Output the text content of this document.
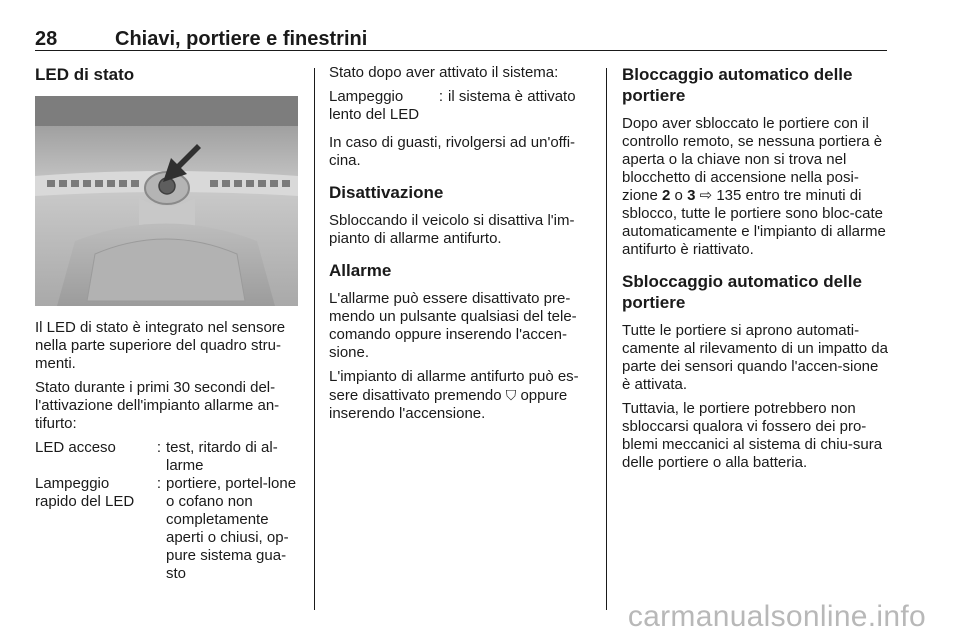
28	Chiavi, portiere e finestrini
LED di stato

Il LED di stato è integrato nel sensore nella parte superiore del quadro stru-menti.

Stato durante i primi 30 secondi del-l'attivazione dell'impianto allarme an-tifurto:

LED acceso	: test, ritardo di al-larme
Lampeggio rapido del LED
: portiere, portel-lone o cofano non completamente aperti o chiusi, op-pure sistema gua-sto

Stato dopo aver attivato il sistema:

Lampeggio lento del LED
: il sistema è attivato

In caso di guasti, rivolgersi ad un'offi-cina.

Disattivazione

Sbloccando il veicolo si disattiva l'im-pianto di allarme antifurto.

Allarme

L'allarme può essere disattivato pre-mendo un pulsante qualsiasi del tele-comando oppure inserendo l'accen-sione.

L'impianto di allarme antifurto può es-sere disattivato premendo ⛉ oppure inserendo l'accensione.

Bloccaggio automatico delle portiere

Dopo aver sbloccato le portiere con il controllo remoto, se nessuna portiera è aperta o la chiave non si trova nel blocchetto di accensione nella posi-zione 2 o 3 ⇨ 135 entro tre minuti di sblocco, tutte le portiere sono bloc-cate automaticamente e l'impianto di allarme antifurto è riattivato.

Sbloccaggio automatico delle portiere

Tutte le portiere si aprono automati-camente al rilevamento di un impatto da parte dei sensori quando l'accen-sione è attivata.

Tuttavia, le portiere potrebbero non sbloccarsi qualora vi fossero dei pro-blemi meccanici al sistema di chiu-sura delle portiere o alla batteria.

carmanualsonline.info
